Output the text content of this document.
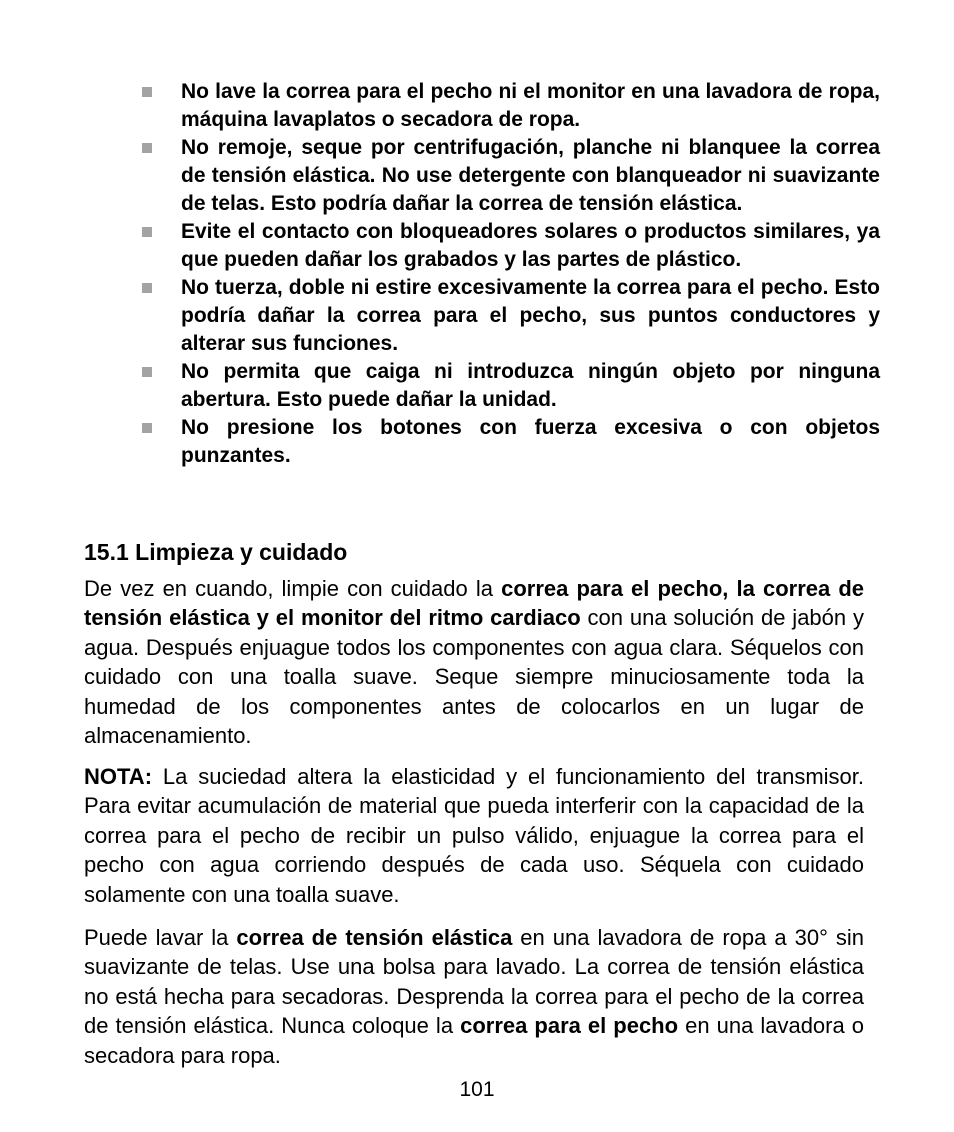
No lave la correa para el pecho ni el monitor en una lavadora de ropa, máquina lavaplatos o secadora de ropa.
No remoje, seque por centrifugación, planche ni blanquee la correa de tensión elástica. No use detergente con blanqueador ni suavizante de telas. Esto podría dañar la correa de tensión elástica.
Evite el contacto con bloqueadores solares o productos similares, ya que pueden dañar los grabados y las partes de plástico.
No tuerza, doble ni estire excesivamente la correa para el pecho. Esto podría dañar la correa para el pecho, sus puntos conductores y alterar sus funciones.
No permita que caiga ni introduzca ningún objeto por ninguna abertura. Esto puede dañar la unidad.
No presione los botones con fuerza excesiva o con objetos punzantes.
15.1 Limpieza y cuidado

De vez en cuando, limpie con cuidado la correa para el pecho, la correa de tensión elástica y el monitor del ritmo cardiaco con una solución de jabón y agua. Después enjuague todos los componentes con agua clara. Séquelos con cuidado con una toalla suave. Seque siempre minuciosamente toda la humedad de los componentes antes de colocarlos en un lugar de almacenamiento.

NOTA: La suciedad altera la elasticidad y el funcionamiento del transmisor. Para evitar acumulación de material que pueda interferir con la capacidad de la correa para el pecho de recibir un pulso válido, enjuague la correa para el pecho con agua corriendo después de cada uso. Séquela con cuidado solamente con una toalla suave.

Puede lavar la correa de tensión elástica en una lavadora de ropa a 30° sin suavizante de telas. Use una bolsa para lavado. La correa de tensión elástica no está hecha para secadoras. Desprenda la correa para el pecho de la correa de tensión elástica. Nunca coloque la correa para el pecho en una lavadora o secadora para ropa.

101
